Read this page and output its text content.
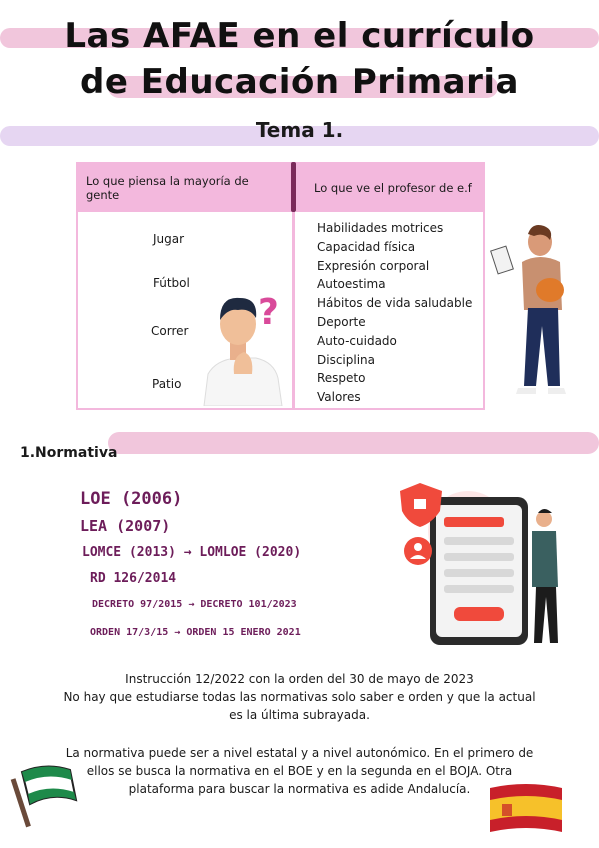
Las AFAE en el currículo
de Educación Primaria
Tema 1.
Lo que piensa la mayoría de gente	Lo que ve el profesor de e.f
Jugar
Fútbol
Correr
Patio
Habilidades motrices
Capacidad física
Expresión corporal
Autoestima
Hábitos de vida saludable
Deporte
Auto-cuidado
Disciplina
Respeto
Valores
?
1.Normativa
LOE (2006)
LEA (2007)
LOMCE (2013) → LOMLOE (2020)
RD 126/2014
DECRETO 97/2015 → DECRETO 101/2023
ORDEN 17/3/15 → ORDEN 15 ENERO 2021
Instrucción 12/2022 con la orden del 30 de mayo de 2023
No hay que estudiarse todas las normativas solo saber e orden y que la actual
es la última subrayada.
La normativa puede ser a nivel estatal y a nivel autonómico. En el primero de
ellos se busca la normativa en el BOE y en la segunda en el BOJA. Otra
plataforma para buscar la normativa es adide Andalucía.
